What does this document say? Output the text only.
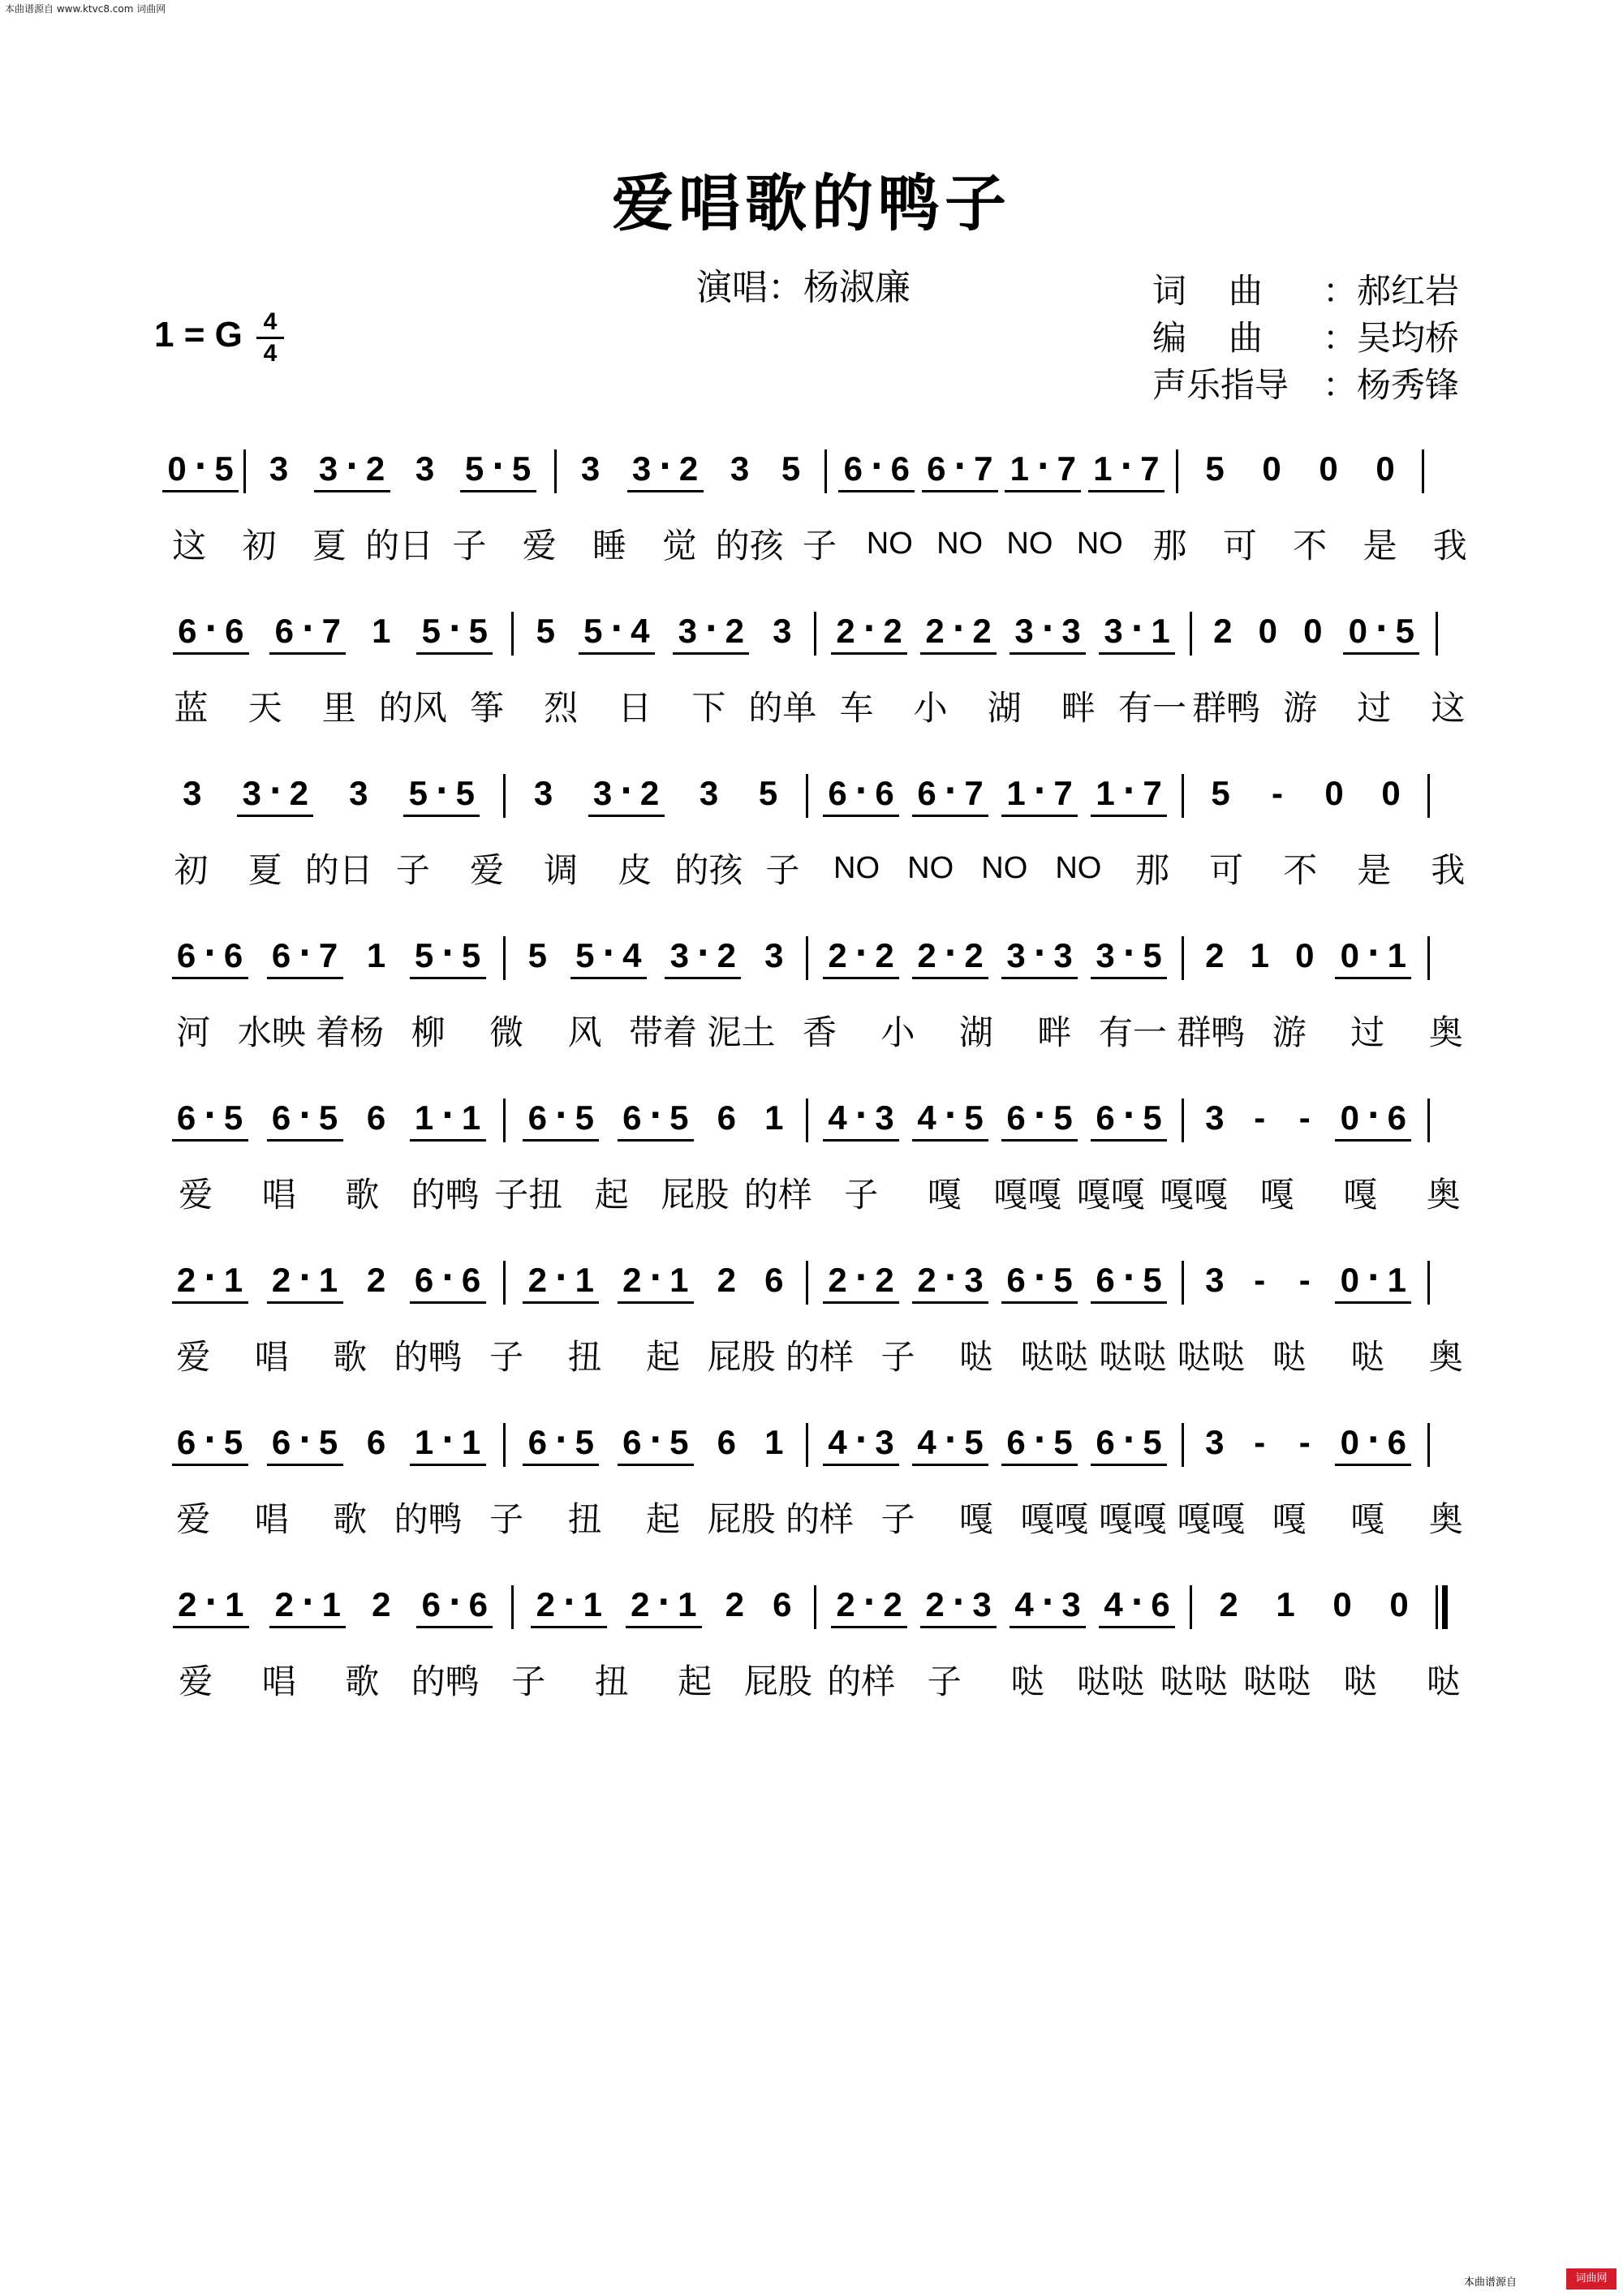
本曲谱源自 www.ktvc8.com 词曲网
爱唱歌的鸭子
演唱：杨淑廉
1 = G 4
4
词曲 ： 郝红岩
编曲 ： 吴均桥
声乐指导 ： 杨秀锋
0 · 5 3 3 · 2 3 5 · 5 3 3 · 2 3 5 6 · 6 6 · 7 1 · 7 1 · 7 5 0 0 0
这	初	夏 的日 子	爱	睡	觉 的孩 子 NO NO NO NO 那	可	不	是	我
6 · 6 6 · 7 1 5 · 5 5 5 · 4 3 · 2 3 2 · 2 2 · 2 3 · 3 3 · 1 2 0 0 0 · 5
蓝	天	里 的风 筝	烈	日	下 的单 车	小	湖	畔 有一 群鸭 游	过	这
3 3 · 2 3 5 · 5 3 3 · 2 3 5 6 · 6 6 · 7 1 · 7 1 · 7 5 - 0 0
初	夏 的日 子	爱	调	皮 的孩 子	NO NO NO NO 那	可	不	是	我
6 · 6 6 · 7 1 5 · 5 5 5 · 4 3 · 2 3 2 · 2 2 · 2 3 · 3 3 · 5 2 1 0 0 · 1
河 水映 着杨 柳	微	风 带着 泥土 香	小	湖	畔 有一 群鸭 游	过	奥
6 · 5 6 · 5 6 1 · 1 6 · 5 6 · 5 6 1 4 · 3 4 · 5 6 · 5 6 · 5 3 - - 0 · 6
爱	唱	歌 的鸭 子扭 起 屁股 的样 子	嘎 嘎嘎 嘎嘎 嘎嘎 嘎	嘎	奥
2 · 1 2 · 1 2 6 · 6 2 · 1 2 · 1 2 6 2 · 2 2 · 3 6 · 5 6 · 5 3 - - 0 · 1
爱	唱	歌 的鸭 子	扭	起 屁股 的样 子	哒 哒哒 哒哒 哒哒 哒	哒	奥
6 · 5 6 · 5 6 1 · 1 6 · 5 6 · 5 6 1 4 · 3 4 · 5 6 · 5 6 · 5 3 - - 0 · 6
爱	唱	歌 的鸭 子	扭	起 屁股 的样 子	嘎 嘎嘎 嘎嘎 嘎嘎 嘎	嘎	奥
2 · 1 2 · 1 2 6 · 6 2 · 1 2 · 1 2 6 2 · 2 2 · 3 4 · 3 4 · 6 2 1 0 0
爱	唱	歌 的鸭 子	扭	起 屁股 的样 子	哒 哒哒 哒哒 哒哒 哒	哒
本曲谱源自	词曲网
